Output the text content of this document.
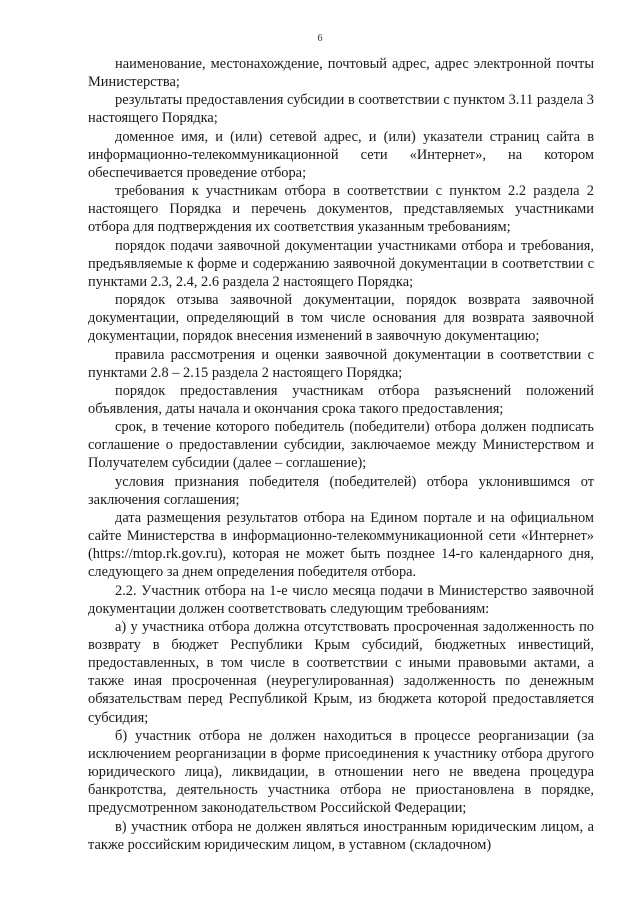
6

наименование, местонахождение, почтовый адрес, адрес электронной почты Министерства;

результаты предоставления субсидии в соответствии с пунктом 3.11 раздела 3 настоящего Порядка;

доменное имя, и (или) сетевой адрес, и (или) указатели страниц сайта в информационно-телекоммуникационной сети «Интернет», на котором обеспечивается проведение отбора;

требования к участникам отбора в соответствии с пунктом 2.2 раздела 2 настоящего Порядка и перечень документов, представляемых участниками отбора для подтверждения их соответствия указанным требованиям;

порядок подачи заявочной документации участниками отбора и требования, предъявляемые к форме и содержанию заявочной документации в соответствии с пунктами 2.3, 2.4, 2.6 раздела 2 настоящего Порядка;

порядок отзыва заявочной документации, порядок возврата заявочной документации, определяющий в том числе основания для возврата заявочной документации, порядок внесения изменений в заявочную документацию;

правила рассмотрения и оценки заявочной документации в соответствии с пунктами 2.8 – 2.15 раздела 2 настоящего Порядка;

порядок предоставления участникам отбора разъяснений положений объявления, даты начала и окончания срока такого предоставления;

срок, в течение которого победитель (победители) отбора должен подписать соглашение о предоставлении субсидии, заключаемое между Министерством и Получателем субсидии (далее – соглашение);

условия признания победителя (победителей) отбора уклонившимся от заключения соглашения;

дата размещения результатов отбора на Едином портале и на официальном сайте Министерства в информационно-телекоммуникационной сети «Интернет» (https://mtop.rk.gov.ru), которая не может быть позднее 14-го календарного дня, следующего за днем определения победителя отбора.

2.2. Участник отбора на 1-е число месяца подачи в Министерство заявочной документации должен соответствовать следующим требованиям:

а) у участника отбора должна отсутствовать просроченная задолженность по возврату в бюджет Республики Крым субсидий, бюджетных инвестиций, предоставленных, в том числе в соответствии с иными правовыми актами, а также иная просроченная (неурегулированная) задолженность по денежным обязательствам перед Республикой Крым, из бюджета которой предоставляется субсидия;

б) участник отбора не должен находиться в процессе реорганизации (за исключением реорганизации в форме присоединения к участнику отбора другого юридического лица), ликвидации, в отношении него не введена процедура банкротства, деятельность участника отбора не приостановлена в порядке, предусмотренном законодательством Российской Федерации;

в) участник отбора не должен являться иностранным юридическим лицом, а также российским юридическим лицом, в уставном (складочном)
